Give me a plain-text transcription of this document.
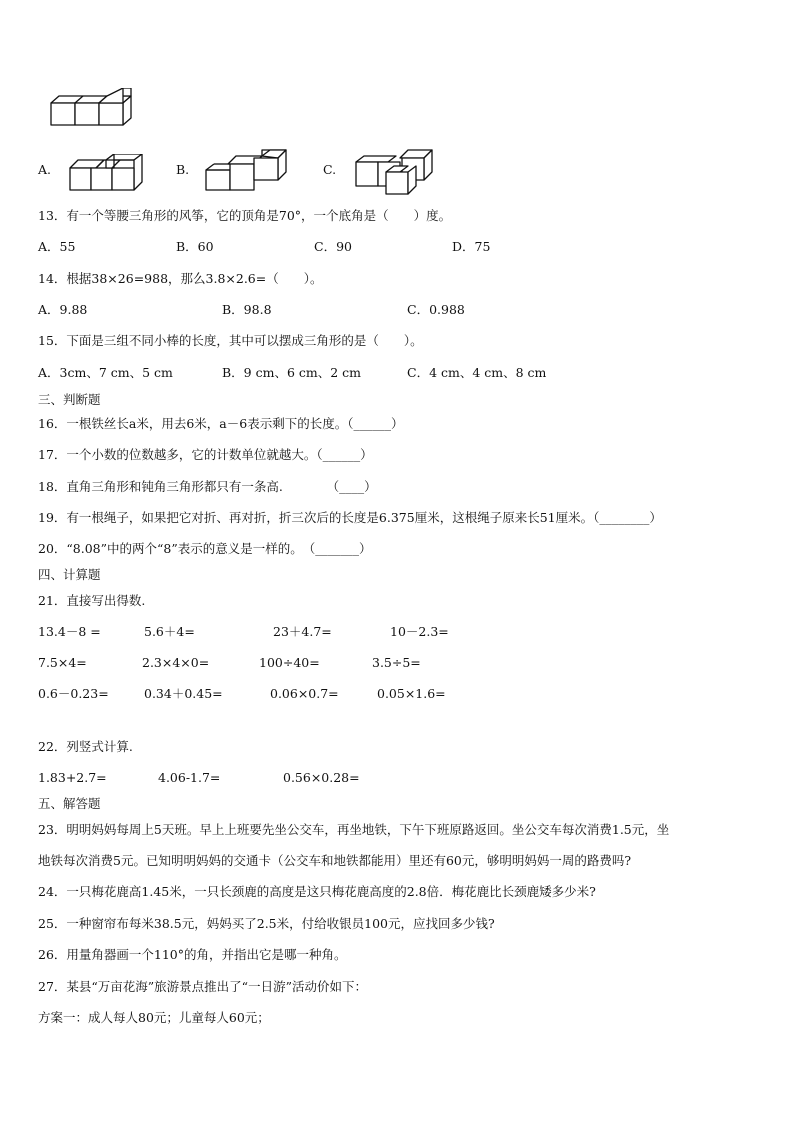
A.	B.	C.
13．有一个等腰三角形的风筝，它的顶角是70°，一个底角是（　　）度。
A．55	B．60	C．90	D．75
14．根据38×26=988，那么3.8×2.6=（　　）。
A．9.88	B．98.8	C．0.988
15．下面是三组不同小棒的长度，其中可以摆成三角形的是（　　）。
A．3cm、7 cm、5 cm	B．9 cm、6 cm、2 cm	C．4 cm、4 cm、8 cm
三、判断题
16．一根铁丝长a米，用去6米，a－6表示剩下的长度。（______）
17．一个小数的位数越多，它的计数单位就越大。（______）
18．直角三角形和钝角三角形都只有一条高.　　　　（____）
19．有一根绳子，如果把它对折、再对折，折三次后的长度是6.375厘米，这根绳子原来长51厘米。（________）
20．“8.08”中的两个“8”表示的意义是一样的。　（_______）
四、计算题
21．直接写出得数.
13.4－8 =	5.6＋4=	23＋4.7=	10－2.3=
7.5×4=	2.3×4×0=	100÷40=	3.5÷5=
0.6－0.23=	0.34＋0.45=	0.06×0.7=	0.05×1.6=
22．列竖式计算.
1.83+2.7=	4.06-1.7=	0.56×0.28=
五、解答题
23．明明妈妈每周上5天班。早上上班要先坐公交车，再坐地铁，下午下班原路返回。坐公交车每次消费1.5元，坐
地铁每次消费5元。已知明明妈妈的交通卡（公交车和地铁都能用）里还有60元，够明明妈妈一周的路费吗?
24．一只梅花鹿高1.45米，一只长颈鹿的高度是这只梅花鹿高度的2.8倍．梅花鹿比长颈鹿矮多少米?
25．一种窗帘布每米38.5元，妈妈买了2.5米，付给收银员100元，应找回多少钱?
26．用量角器画一个110°的角，并指出它是哪一种角。
27．某县“万亩花海”旅游景点推出了“一日游”活动价如下：
方案一：成人每人80元；儿童每人60元；
